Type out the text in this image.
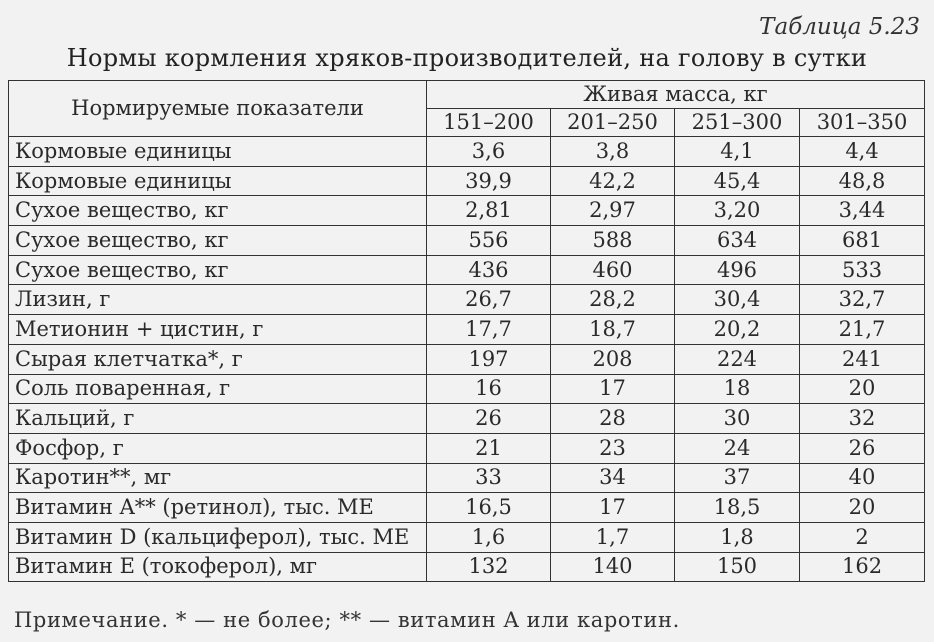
Таблица 5.23
Нормы кормления хряков-производителей, на голову в сутки
Нормируемые показатели	Живая масса, кг			
	151–200	201–250	251–300	301–350
Кормовые единицы	3,6	3,8	4,1	4,4
Кормовые единицы	39,9	42,2	45,4	48,8
Сухое вещество, кг	2,81	2,97	3,20	3,44
Сухое вещество, кг	556	588	634	681
Сухое вещество, кг	436	460	496	533
Лизин, г	26,7	28,2	30,4	32,7
Метионин + цистин, г	17,7	18,7	20,2	21,7
Сырая клетчатка*, г	197	208	224	241
Соль поваренная, г	16	17	18	20
Кальций, г	26	28	30	32
Фосфор, г	21	23	24	26
Каротин**, мг	33	34	37	40
Витамин A** (ретинол), тыс. МЕ	16,5	17	18,5	20
Витамин D (кальциферол), тыс. МЕ	1,6	1,7	1,8	2
Витамин E (токоферол), мг	132	140	150	162
Примечание. * — не более; ** — витамин A или каротин.
